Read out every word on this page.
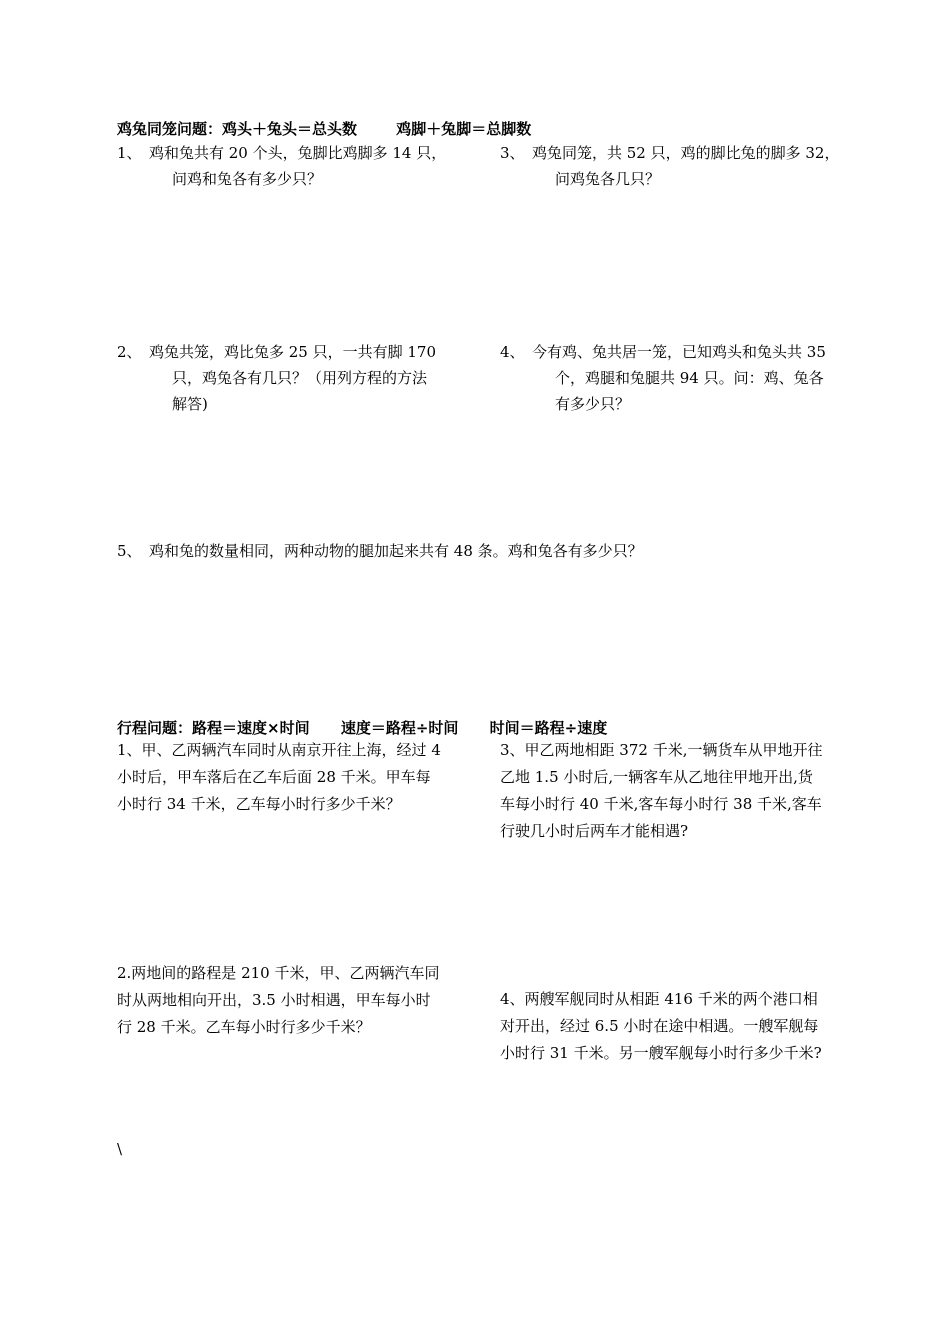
鸡兔同笼问题：鸡头＋兔头＝总头数	鸡脚＋兔脚＝总脚数
1、 鸡和兔共有 20 个头，兔脚比鸡脚多 14 只，
问鸡和兔各有多少只？
3、 鸡兔同笼，共 52 只，鸡的脚比兔的脚多 32，
问鸡兔各几只？
2、 鸡兔共笼，鸡比兔多 25 只，一共有脚 170
只，鸡兔各有几只？（用列方程的方法
解答)
4、 今有鸡、兔共居一笼，已知鸡头和兔头共 35
个，鸡腿和兔腿共 94 只。问：鸡、兔各
有多少只？
5、 鸡和兔的数量相同，两种动物的腿加起来共有 48 条。鸡和兔各有多少只？
行程问题：路程＝速度×时间 速度＝路程÷时间 时间＝路程÷速度
1、甲、乙两辆汽车同时从南京开往上海，经过 4
小时后，甲车落后在乙车后面 28 千米。甲车每
小时行 34 千米，乙车每小时行多少千米？
3、甲乙两地相距 372 千米,一辆货车从甲地开往
乙地 1.5 小时后,一辆客车从乙地往甲地开出,货
车每小时行 40 千米,客车每小时行 38 千米,客车
行驶几小时后两车才能相遇?
2.两地间的路程是 210 千米，甲、乙两辆汽车同
时从两地相向开出，3.5 小时相遇，甲车每小时
行 28 千米。乙车每小时行多少千米？
4、两艘军舰同时从相距 416 千米的两个港口相
对开出，经过 6.5 小时在途中相遇。一艘军舰每
小时行 31 千米。另一艘军舰每小时行多少千米?
\
